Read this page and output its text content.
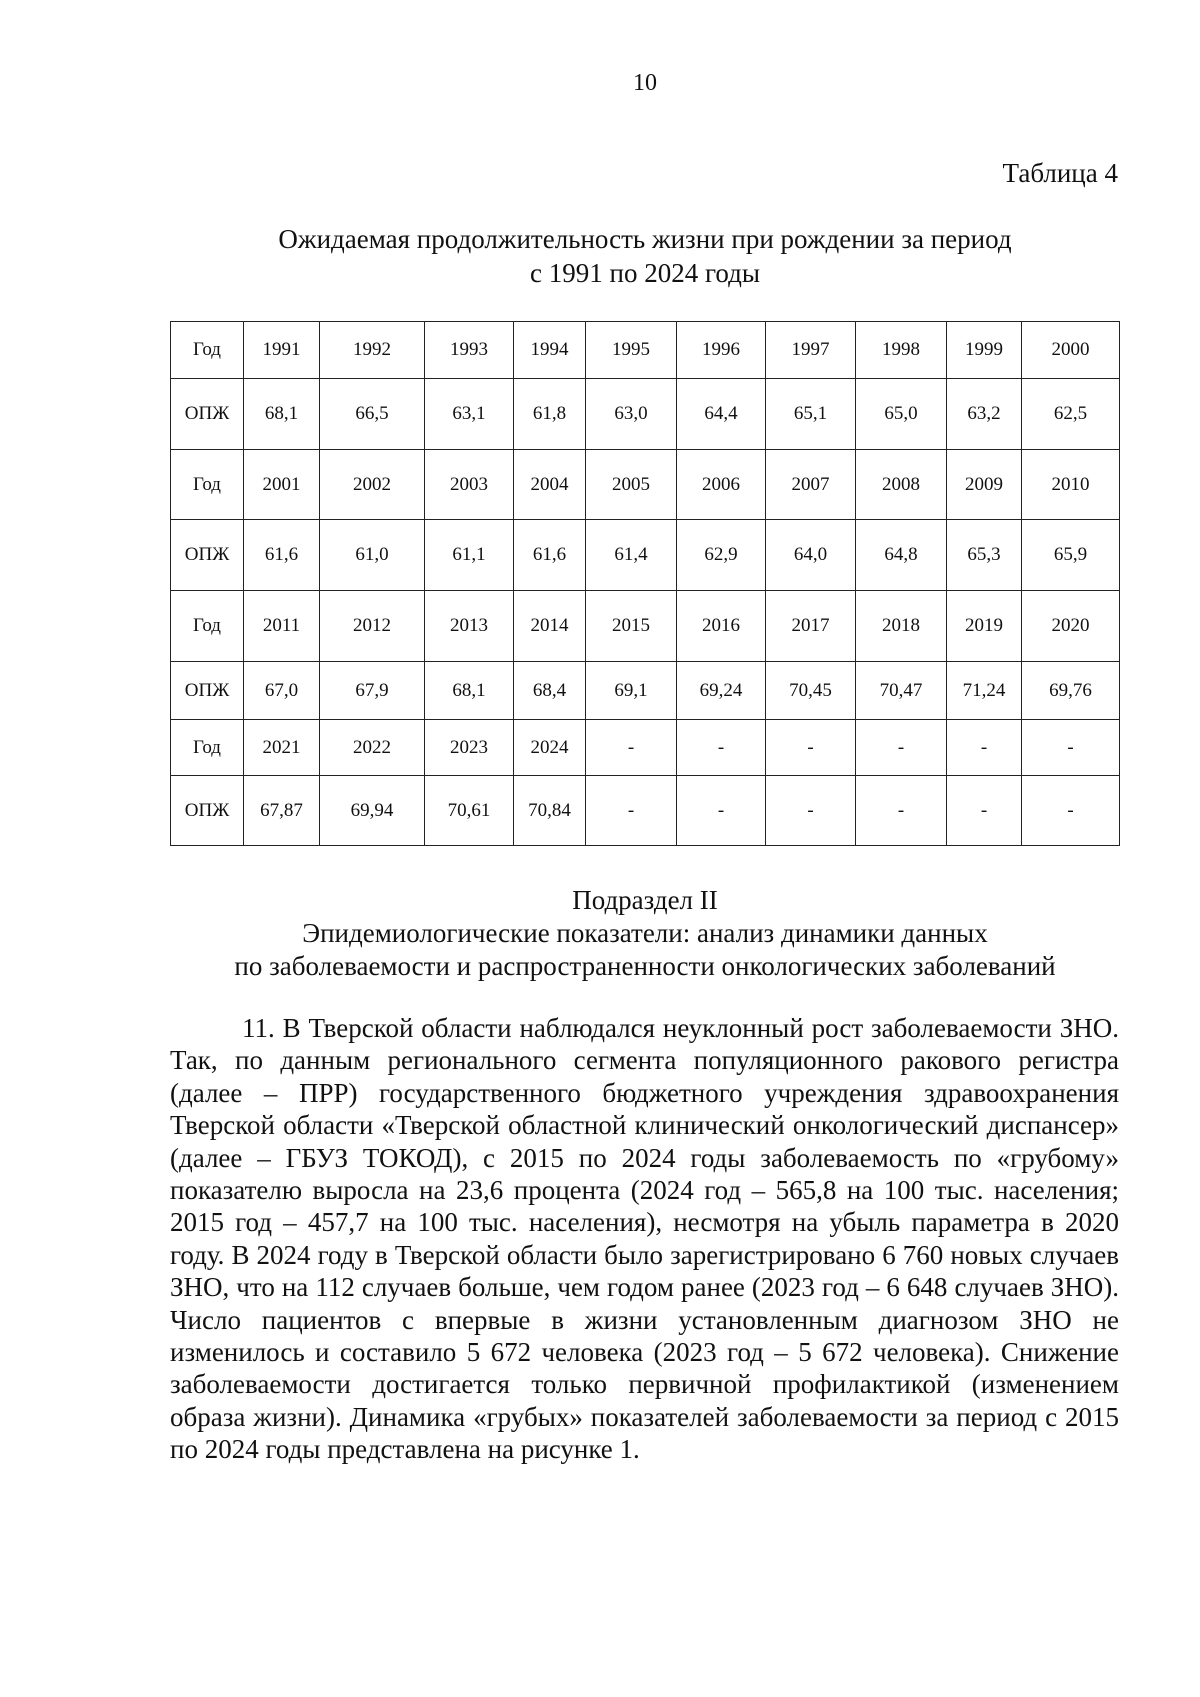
10
Таблица 4
Ожидаемая продолжительность жизни при рождении за период
с 1991 по 2024 годы
Год	1991	1992	1993	1994	1995	1996	1997	1998	1999	2000
ОПЖ	68,1	66,5	63,1	61,8	63,0	64,4	65,1	65,0	63,2	62,5
Год	2001	2002	2003	2004	2005	2006	2007	2008	2009	2010
ОПЖ	61,6	61,0	61,1	61,6	61,4	62,9	64,0	64,8	65,3	65,9
Год	2011	2012	2013	2014	2015	2016	2017	2018	2019	2020
ОПЖ	67,0	67,9	68,1	68,4	69,1	69,24	70,45	70,47	71,24	69,76
Год	2021	2022	2023	2024	-	-	-	-	-	-
ОПЖ	67,87	69,94	70,61	70,84	-	-	-	-	-	-
Подраздел II
Эпидемиологические показатели: анализ динамики данных
по заболеваемости и распространенности онкологических заболеваний

11. В Тверской области наблюдался неуклонный рост заболеваемости ЗНО. Так, по данным регионального сегмента популяционного ракового регистра (далее – ПРР) государственного бюджетного учреждения здравоохранения Тверской области «Тверской областной клинический онкологический диспансер» (далее – ГБУЗ ТОКОД), с 2015 по 2024 годы заболеваемость по «грубому» показателю выросла на 23,6 процента (2024 год – 565,8 на 100 тыс. населения; 2015 год – 457,7 на 100 тыс. населения), несмотря на убыль параметра в 2020 году. В 2024 году в Тверской области было зарегистрировано 6 760 новых случаев ЗНО, что на 112 случаев больше, чем годом ранее (2023 год – 6 648 случаев ЗНО). Число пациентов с впервые в жизни установленным диагнозом ЗНО не изменилось и составило 5 672 человека (2023 год – 5 672 человека). Снижение заболеваемости достигается только первичной профилактикой (изменением образа жизни). Динамика «грубых» показателей заболеваемости за период с 2015 по 2024 годы представлена на рисунке 1.
